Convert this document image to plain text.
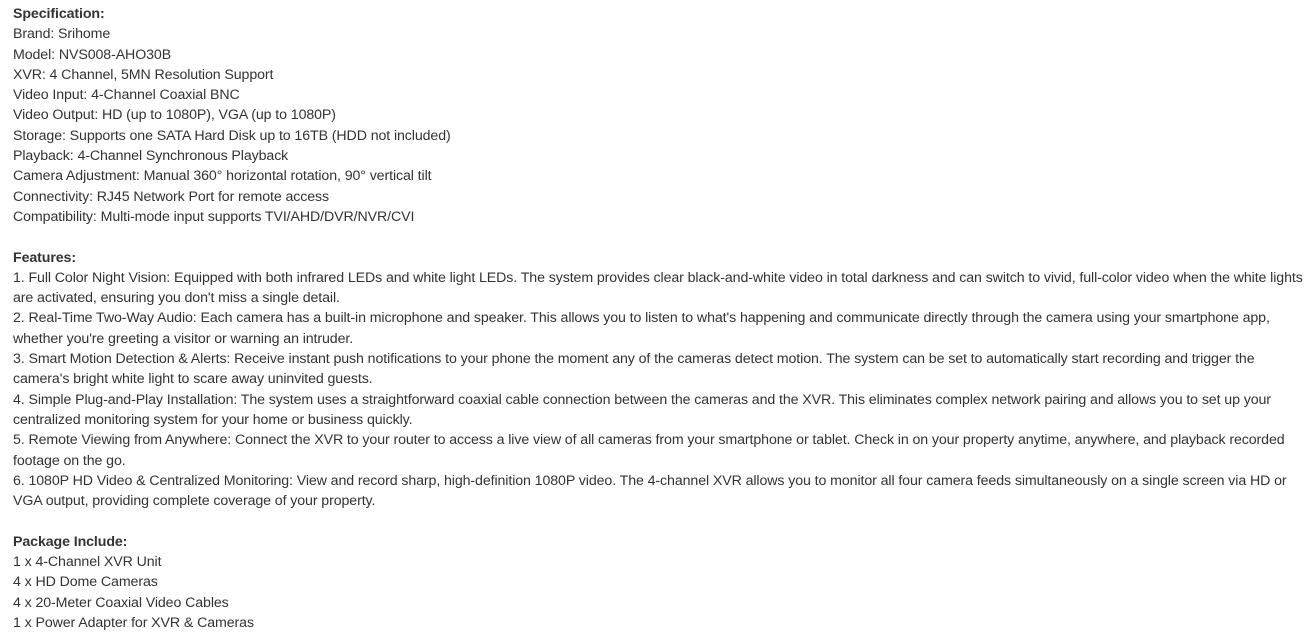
Specification:
Brand: Srihome
Model: NVS008-AHO30B
XVR: 4 Channel, 5MN Resolution Support
Video Input: 4-Channel Coaxial BNC
Video Output: HD (up to 1080P), VGA (up to 1080P)
Storage: Supports one SATA Hard Disk up to 16TB (HDD not included)
Playback: 4-Channel Synchronous Playback
Camera Adjustment: Manual 360° horizontal rotation, 90° vertical tilt
Connectivity: RJ45 Network Port for remote access
Compatibility: Multi-mode input supports TVI/AHD/DVR/NVR/CVI
Features:
1. Full Color Night Vision: Equipped with both infrared LEDs and white light LEDs. The system provides clear black-and-white video in total darkness and can switch to vivid, full-color video when the white lights are activated, ensuring you don't miss a single detail.
2. Real-Time Two-Way Audio: Each camera has a built-in microphone and speaker. This allows you to listen to what's happening and communicate directly through the camera using your smartphone app, whether you're greeting a visitor or warning an intruder.
3. Smart Motion Detection & Alerts: Receive instant push notifications to your phone the moment any of the cameras detect motion. The system can be set to automatically start recording and trigger the camera's bright white light to scare away uninvited guests.
4. Simple Plug-and-Play Installation: The system uses a straightforward coaxial cable connection between the cameras and the XVR. This eliminates complex network pairing and allows you to set up your centralized monitoring system for your home or business quickly.
5. Remote Viewing from Anywhere: Connect the XVR to your router to access a live view of all cameras from your smartphone or tablet. Check in on your property anytime, anywhere, and playback recorded footage on the go.
6. 1080P HD Video & Centralized Monitoring: View and record sharp, high-definition 1080P video. The 4-channel XVR allows you to monitor all four camera feeds simultaneously on a single screen via HD or VGA output, providing complete coverage of your property.
Package Include:
1 x 4-Channel XVR Unit
4 x HD Dome Cameras
4 x 20-Meter Coaxial Video Cables
1 x Power Adapter for XVR & Cameras
